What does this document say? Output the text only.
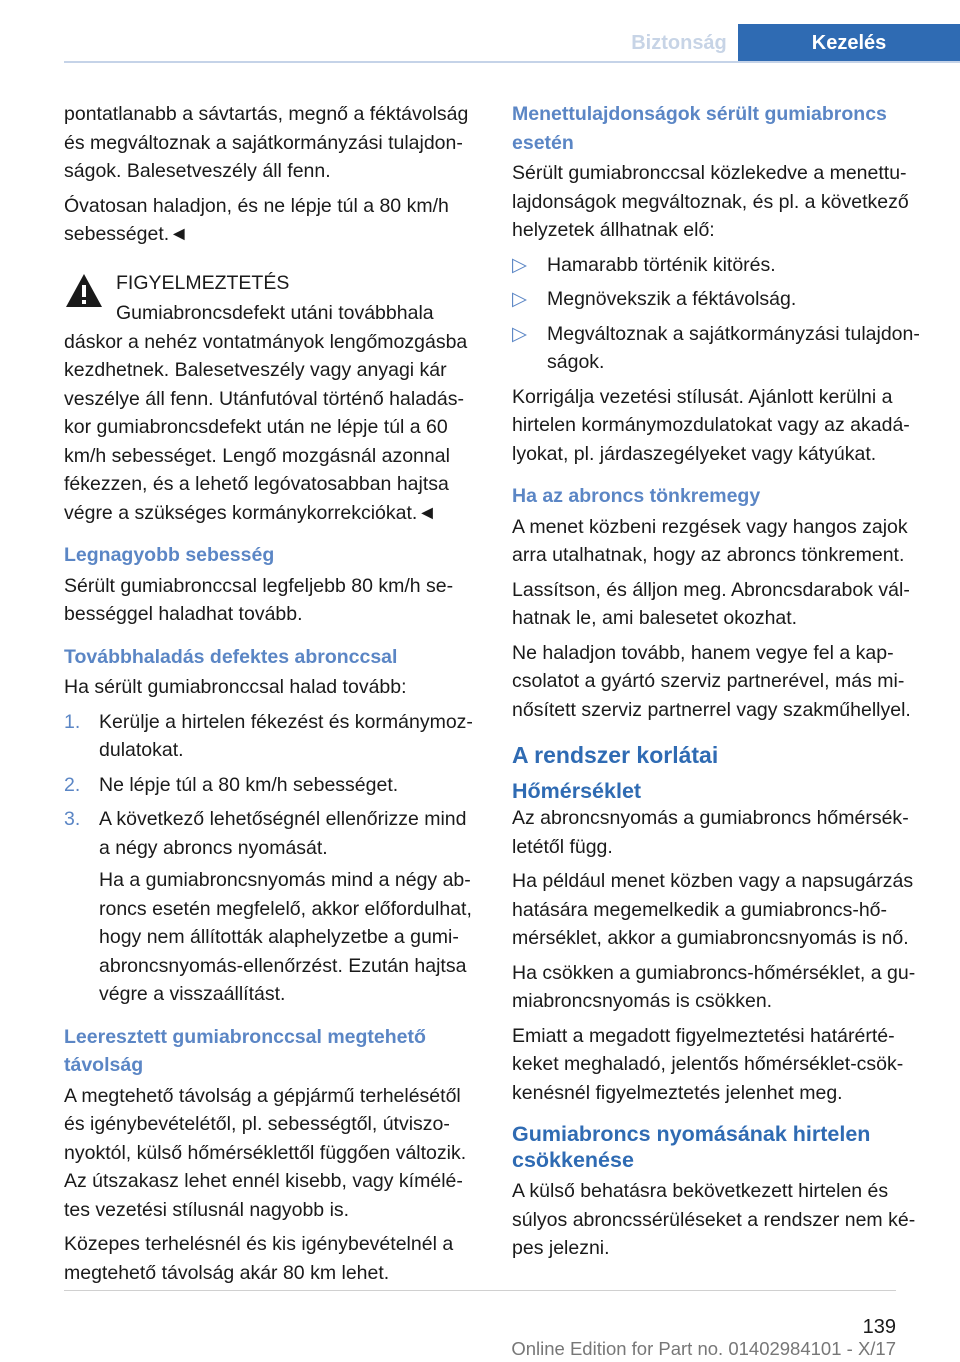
Biztonság	Kezelés

pontatlanabb a sávtartás, megnő a féktávolság és megváltoznak a sajátkormányzási tulajdonságok. Balesetveszély áll fenn.

Óvatosan haladjon, és ne lépje túl a 80 km/h sebességet.◄

FIGYELMEZTETÉS

Gumiabroncsdefekt utáni továbbhala

dáskor a nehéz vontatmányok lengőmozgásba kezdhetnek. Balesetveszély vagy anyagi kár veszélye áll fenn. Utánfutóval történő haladáskor gumiabroncsdefekt után ne lépje túl a 60 km/h sebességet. Lengő mozgásnál azonnal fékezzen, és a lehető legóvatosabban hajtsa végre a szükséges kormánykorrekciókat.◄

Legnagyobb sebesség

Sérült gumiabronccsal legfeljebb 80 km/h sebességgel haladhat tovább.

Továbbhaladás defektes abronccsal

Ha sérült gumiabronccsal halad tovább:

1. Kerülje a hirtelen fékezést és kormánymozdulatokat.
2. Ne lépje túl a 80 km/h sebességet.
3. A következő lehetőségnél ellenőrizze mind a négy abroncs nyomását.
Ha a gumiabroncsnyomás mind a négy abroncs esetén megfelelő, akkor előfordulhat, hogy nem állították alaphelyzetbe a gumiabroncsnyomás-ellenőrzést. Ezután hajtsa végre a visszaállítást.

Leeresztett gumiabronccsal megtehető távolság

A megtehető távolság a gépjármű terhelésétől és igénybevételétől, pl. sebességtől, útviszonyoktól, külső hőmérséklettől függően változik. Az útszakasz lehet ennél kisebb, vagy kímélétes vezetési stílusnál nagyobb is.

Közepes terhelésnél és kis igénybevételnél a megtehető távolság akár 80 km lehet.

Menettulajdonságok sérült gumiabroncs esetén

Sérült gumiabronccsal közlekedve a menettulajdonságok megváltoznak, és pl. a következő helyzetek állhatnak elő:

▷ Hamarabb történik kitörés.
▷ Megnövekszik a féktávolság.
▷ Megváltoznak a sajátkormányzási tulajdonságok.

Korrigálja vezetési stílusát. Ajánlott kerülni a hirtelen kormánymozdulatokat vagy az akadályokat, pl. járdaszegélyeket vagy kátyúkat.

Ha az abroncs tönkremegy

A menet közbeni rezgések vagy hangos zajok arra utalhatnak, hogy az abroncs tönkrement.

Lassítson, és álljon meg. Abroncsdarabok válhatnak le, ami balesetet okozhat.

Ne haladjon tovább, hanem vegye fel a kapcsolatot a gyártó szerviz partnerével, más minősített szerviz partnerrel vagy szakműhellyel.

A rendszer korlátai

Hőmérséklet

Az abroncsnyomás a gumiabroncs hőmérsékletétől függ.

Ha például menet közben vagy a napsugárzás hatására megemelkedik a gumiabroncs-hőmérséklet, akkor a gumiabroncsnyomás is nő.

Ha csökken a gumiabroncs-hőmérséklet, a gumiabroncsnyomás is csökken.

Emiatt a megadott figyelmeztetési határértékeket meghaladó, jelentős hőmérséklet-csökkenésnél figyelmeztetés jelenhet meg.

Gumiabroncs nyomásának hirtelen csökkenése

A külső behatásra bekövetkezett hirtelen és súlyos abroncssérüléseket a rendszer nem képes jelezni.

139
Online Edition for Part no. 01402984101 - X/17
